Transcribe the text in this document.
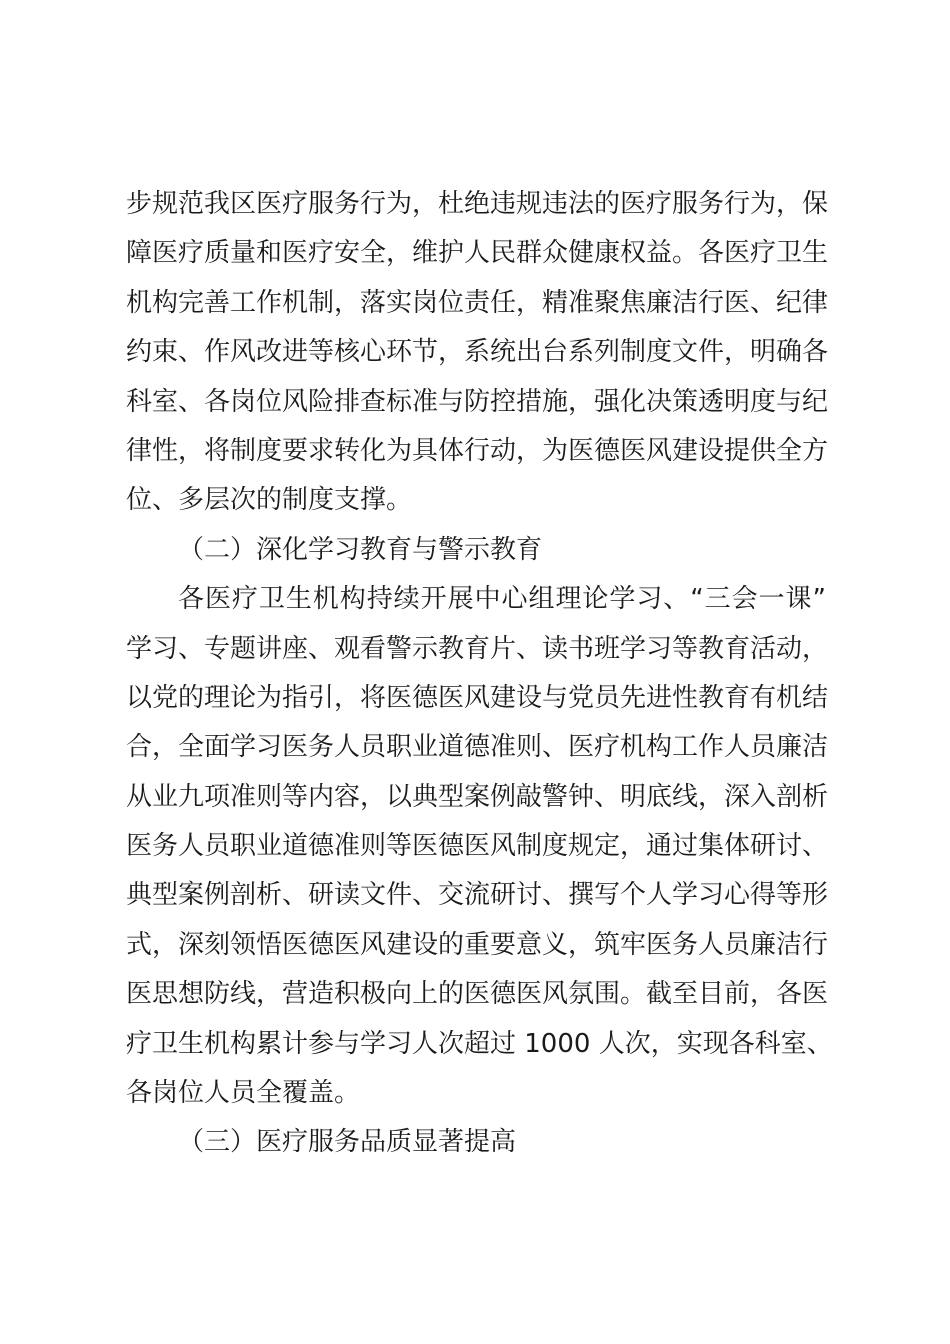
步规范我区医疗服务行为，杜绝违规违法的医疗服务行为，保
障医疗质量和医疗安全，维护人民群众健康权益。各医疗卫生
机构完善工作机制，落实岗位责任，精准聚焦廉洁行医、纪律
约束、作风改进等核心环节，系统出台系列制度文件，明确各
科室、各岗位风险排查标准与防控措施，强化决策透明度与纪
律性，将制度要求转化为具体行动，为医德医风建设提供全方
位、多层次的制度支撑。
（二）深化学习教育与警示教育
各医疗卫生机构持续开展中心组理论学习、“三会一课”
学习、专题讲座、观看警示教育片、读书班学习等教育活动，
以党的理论为指引，将医德医风建设与党员先进性教育有机结
合，全面学习医务人员职业道德准则、医疗机构工作人员廉洁
从业九项准则等内容，以典型案例敲警钟、明底线，深入剖析
医务人员职业道德准则等医德医风制度规定，通过集体研讨、
典型案例剖析、研读文件、交流研讨、撰写个人学习心得等形
式，深刻领悟医德医风建设的重要意义，筑牢医务人员廉洁行
医思想防线，营造积极向上的医德医风氛围。截至目前，各医
疗卫生机构累计参与学习人次超过 1000 人次，实现各科室、
各岗位人员全覆盖。
（三）医疗服务品质显著提高
